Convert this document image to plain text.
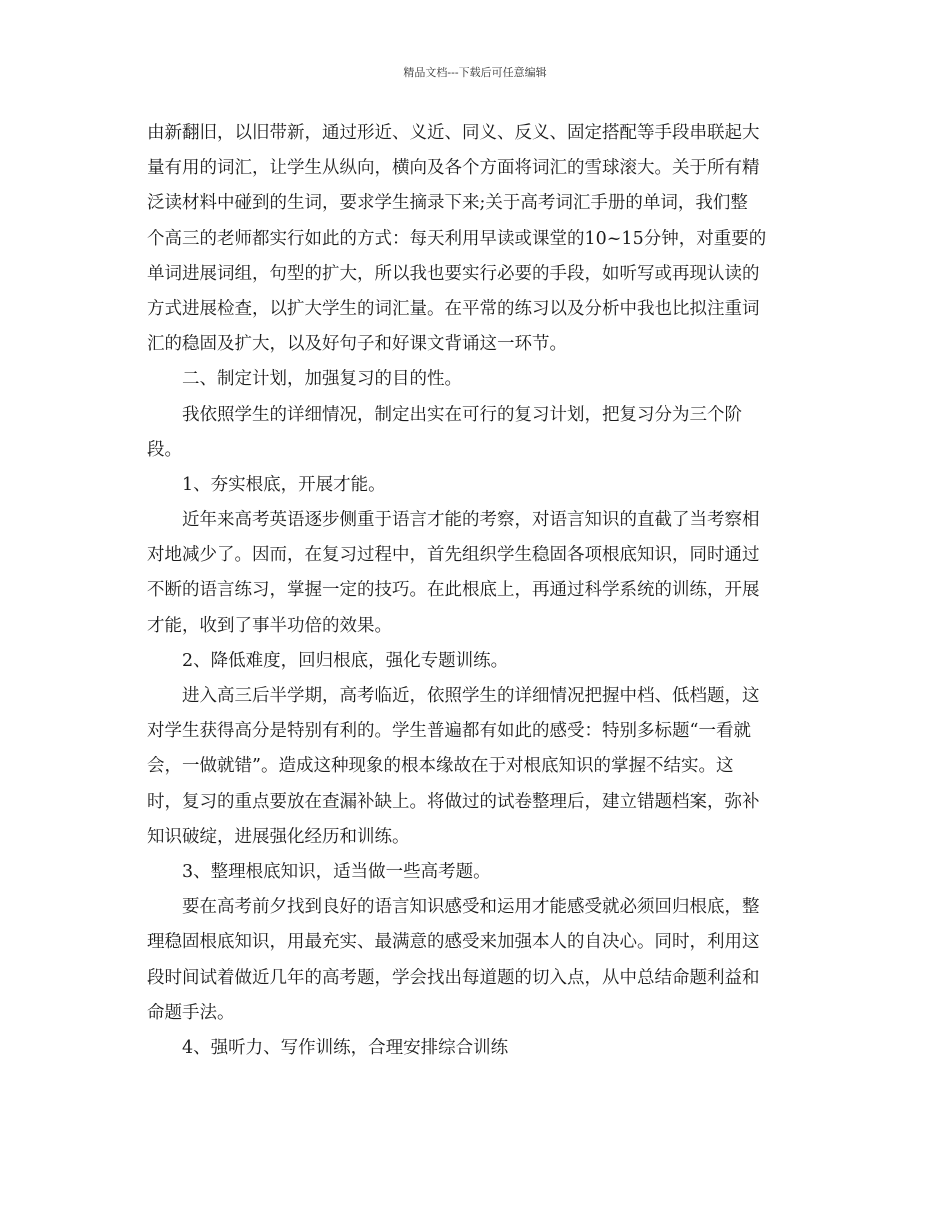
精品文档---下载后可任意编辑
由新翻旧，以旧带新，通过形近、义近、同义、反义、固定搭配等手段串联起大
量有用的词汇，让学生从纵向，横向及各个方面将词汇的雪球滚大。关于所有精
泛读材料中碰到的生词，要求学生摘录下来;关于高考词汇手册的单词，我们整
个高三的老师都实行如此的方式：每天利用早读或课堂的10~15分钟，对重要的
单词进展词组，句型的扩大，所以我也要实行必要的手段，如听写或再现认读的
方式进展检查，以扩大学生的词汇量。在平常的练习以及分析中我也比拟注重词
汇的稳固及扩大，以及好句子和好课文背诵这一环节。
二、制定计划，加强复习的目的性。
我依照学生的详细情况，制定出实在可行的复习计划，把复习分为三个阶
段。
1、夯实根底，开展才能。
近年来高考英语逐步侧重于语言才能的考察，对语言知识的直截了当考察相
对地减少了。因而，在复习过程中，首先组织学生稳固各项根底知识，同时通过
不断的语言练习，掌握一定的技巧。在此根底上，再通过科学系统的训练，开展
才能，收到了事半功倍的效果。
2、降低难度，回归根底，强化专题训练。
进入高三后半学期，高考临近，依照学生的详细情况把握中档、低档题，这
对学生获得高分是特别有利的。学生普遍都有如此的感受：特别多标题“一看就
会，一做就错”。造成这种现象的根本缘故在于对根底知识的掌握不结实。这
时，复习的重点要放在查漏补缺上。将做过的试卷整理后，建立错题档案，弥补
知识破绽，进展强化经历和训练。
3、整理根底知识，适当做一些高考题。
要在高考前夕找到良好的语言知识感受和运用才能感受就必须回归根底，整
理稳固根底知识，用最充实、最满意的感受来加强本人的自决心。同时，利用这
段时间试着做近几年的高考题，学会找出每道题的切入点，从中总结命题利益和
命题手法。
4、强听力、写作训练，合理安排综合训练
